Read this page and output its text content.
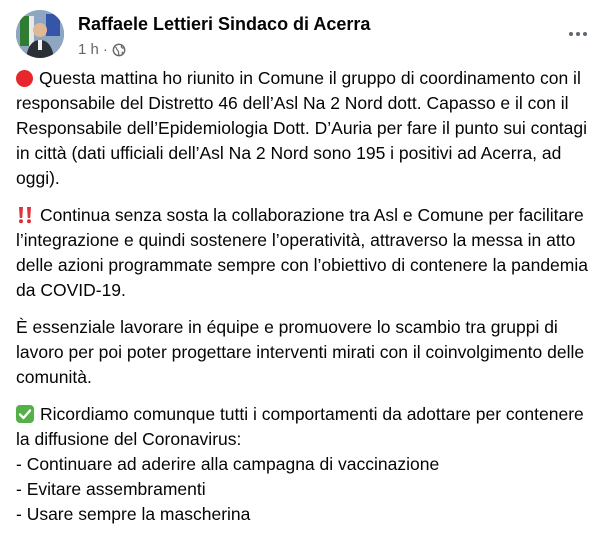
Raffaele Lettieri Sindaco di Acerra
1 h ·

Questa mattina ho riunito in Comune il gruppo di coordinamento con il responsabile del Distretto 46 dell’Asl Na 2 Nord dott. Capasso e il con il Responsabile dell’Epidemiologia Dott. D’Auria per fare il punto sui contagi in città (dati ufficiali dell’Asl Na 2 Nord sono 195 i positivi ad Acerra, ad oggi).

Continua senza sosta la collaborazione tra Asl e Comune per facilitare l’integrazione e quindi sostenere l’operatività, attraverso la messa in atto delle azioni programmate sempre con l’obiettivo di contenere la pandemia da COVID-19.

È essenziale lavorare in équipe e promuovere lo scambio tra gruppi di lavoro per poi poter progettare interventi mirati con il coinvolgimento delle comunità.

Ricordiamo comunque tutti i comportamenti da adottare per contenere la diffusione del Coronavirus:
- Continuare ad aderire alla campagna di vaccinazione
- Evitare assembramenti
- Usare sempre la mascherina
